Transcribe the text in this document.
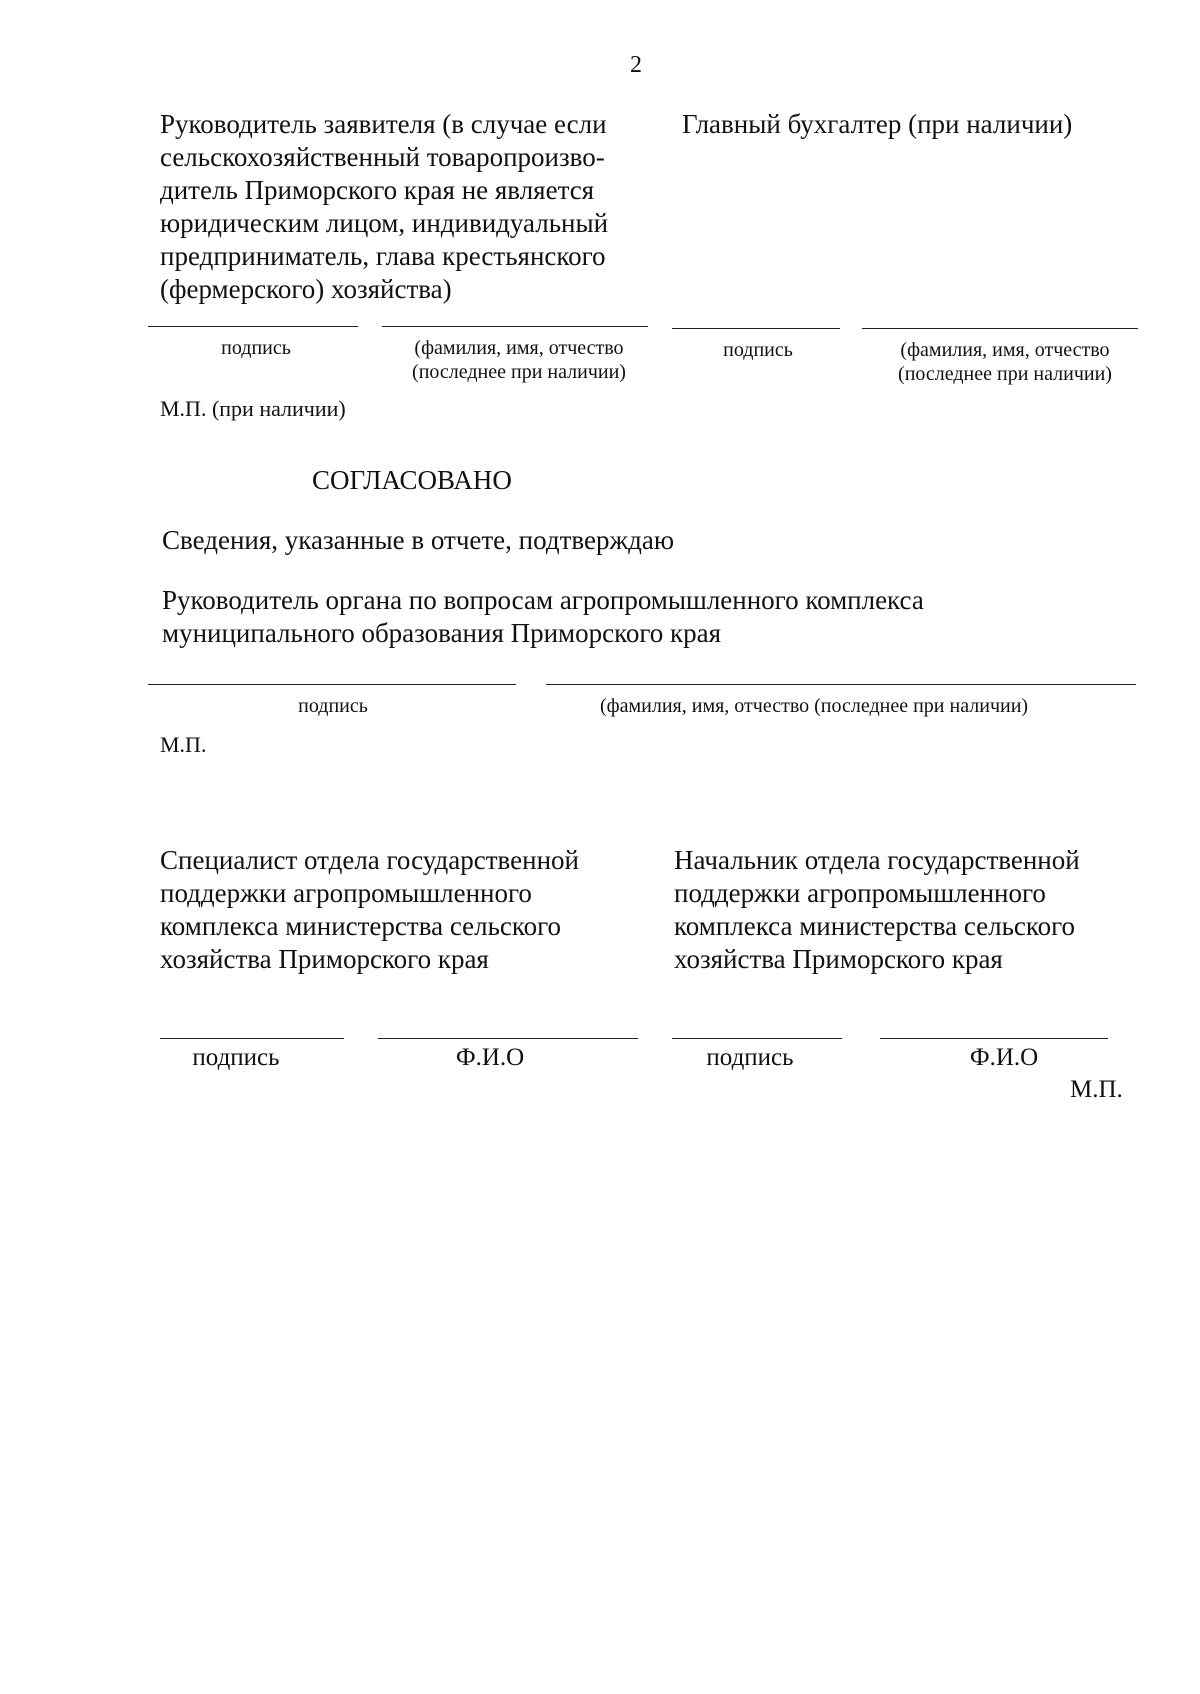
2
Руководитель заявителя (в случае если
сельскохозяйственный товаропроизво-
дитель Приморского края не является
юридическим лицом, индивидуальный
предприниматель, глава крестьянского
(фермерского) хозяйства)
Главный бухгалтер (при наличии)
подпись	(фамилия, имя, отчество
(последнее при наличии)
подпись	(фамилия, имя, отчество
(последнее при наличии)
М.П. (при наличии)
СОГЛАСОВАНО
Сведения, указанные в отчете, подтверждаю
Руководитель органа по вопросам агропромышленного комплекса
муниципального образования Приморского края
подпись	(фамилия, имя, отчество (последнее при наличии)
М.П.
Специалист отдела государственной
поддержки агропромышленного
комплекса министерства сельского
хозяйства Приморского края
Начальник отдела государственной
поддержки агропромышленного
комплекса министерства сельского
хозяйства Приморского края
подпись	Ф.И.О	подпись	Ф.И.О
М.П.
